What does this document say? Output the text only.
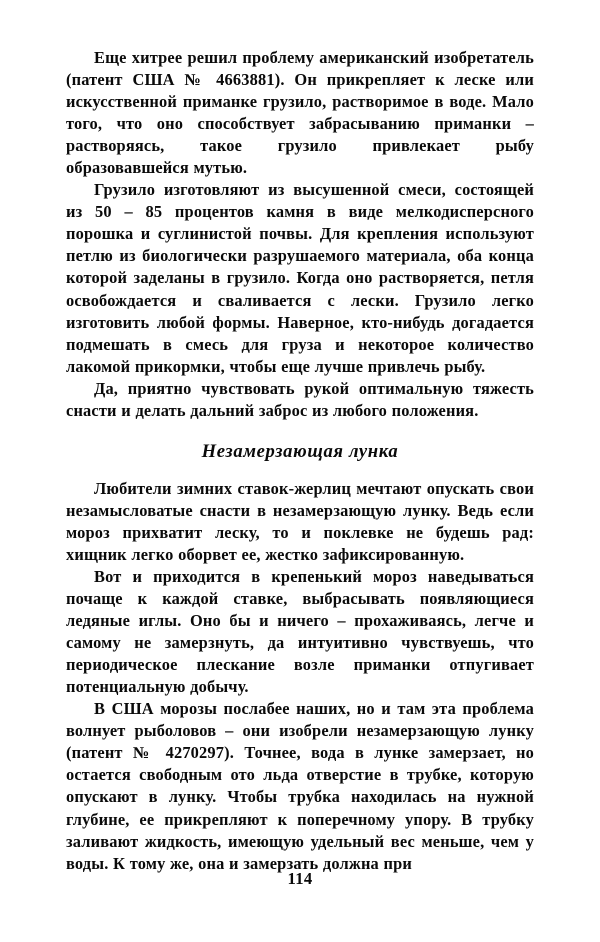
Еще хитрее решил проблему американский изобретатель (патент США № 4663881). Он прикрепляет к леске или искусственной приманке грузило, растворимое в воде. Мало того, что оно способствует забрасыванию приманки – растворяясь, такое грузило привлекает рыбу образовавшейся мутью.

Грузило изготовляют из высушенной смеси, состоящей из 50 – 85 процентов камня в виде мелкодисперсного порошка и суглинистой почвы. Для крепления используют петлю из биологически разрушаемого материала, оба конца которой заделаны в грузило. Когда оно растворяется, петля освобождается и сваливается с лески. Грузило легко изготовить любой формы. Наверное, кто-нибудь догадается подмешать в смесь для груза и некоторое количество лакомой прикормки, чтобы еще лучше привлечь рыбу.

Да, приятно чувствовать рукой оптимальную тяжесть снасти и делать дальний заброс из любого положения.

Незамерзающая лунка

Любители зимних ставок-жерлиц мечтают опускать свои незамысловатые снасти в незамерзающую лунку. Ведь если мороз прихватит леску, то и поклевке не будешь рад: хищник легко оборвет ее, жестко зафиксированную.

Вот и приходится в крепенький мороз наведываться почаще к каждой ставке, выбрасывать появляющиеся ледяные иглы. Оно бы и ничего – прохаживаясь, легче и самому не замерзнуть, да интуитивно чувствуешь, что периодическое плескание возле приманки отпугивает потенциальную добычу.

В США морозы послабее наших, но и там эта проблема волнует рыболовов – они изобрели незамерзающую лунку (патент № 4270297). Точнее, вода в лунке замерзает, но остается свободным ото льда отверстие в трубке, которую опускают в лунку. Чтобы трубка находилась на нужной глубине, ее прикрепляют к поперечному упору. В трубку заливают жидкость, имеющую удельный вес меньше, чем у воды. К тому же, она и замерзать должна при

114
